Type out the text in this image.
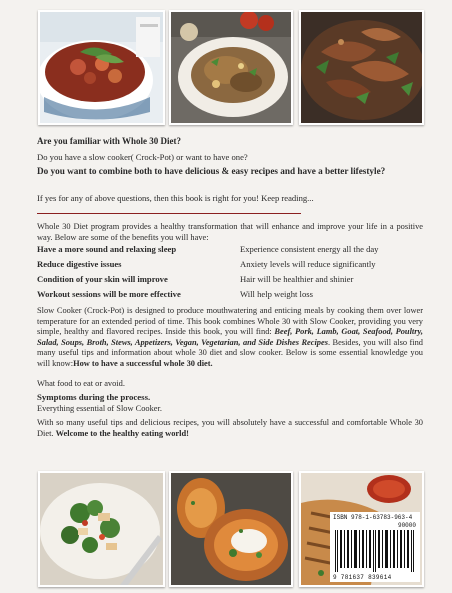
Are you familiar with Whole 30 Diet?
Do you have a slow cooker( Crock-Pot) or want to have one?
Do you want to combine both to have delicious & easy recipes and have a better lifestyle?
If yes for any of above questions, then this book is right for you! Keep reading...
Whole 30 Diet program provides a healthy transformation that will enhance and improve your life in a positive way. Below are some of the benefits you will have:
Have a more sound and relaxing sleep	Experience consistent energy all the day
Reduce digestive issues	Anxiety levels will reduce significantly
Condition of your skin will improve	Hair will be healthier and shinier
Workout sessions will be more effective	Will help weight loss
Slow Cooker (Crock-Pot) is designed to produce mouthwatering and enticing meals by cooking them over lower temperature for an extended period of time. This book combines Whole 30 with Slow Cooker, providing you very simple, healthy and flavored recipes. Inside this book, you will find: Beef, Pork, Lamb, Goat, Seafood, Poultry, Salad, Soups, Broth, Stews, Appetizers, Vegan, Vegetarian, and Side Dishes Recipes. Besides, you will also find many useful tips and information about whole 30 diet and slow cooker. Below is some essential knowledge you will know:How to have a successful whole 30 diet.
What food to eat or avoid.
Symptoms during the process.
Everything essential of Slow Cooker.
With so many useful tips and delicious recipes, you will absolutely have a successful and comfortable Whole 30 Diet. Welcome to the healthy eating world!
ISBN 978-1-63783-963-4
90000
9 781637 839614
